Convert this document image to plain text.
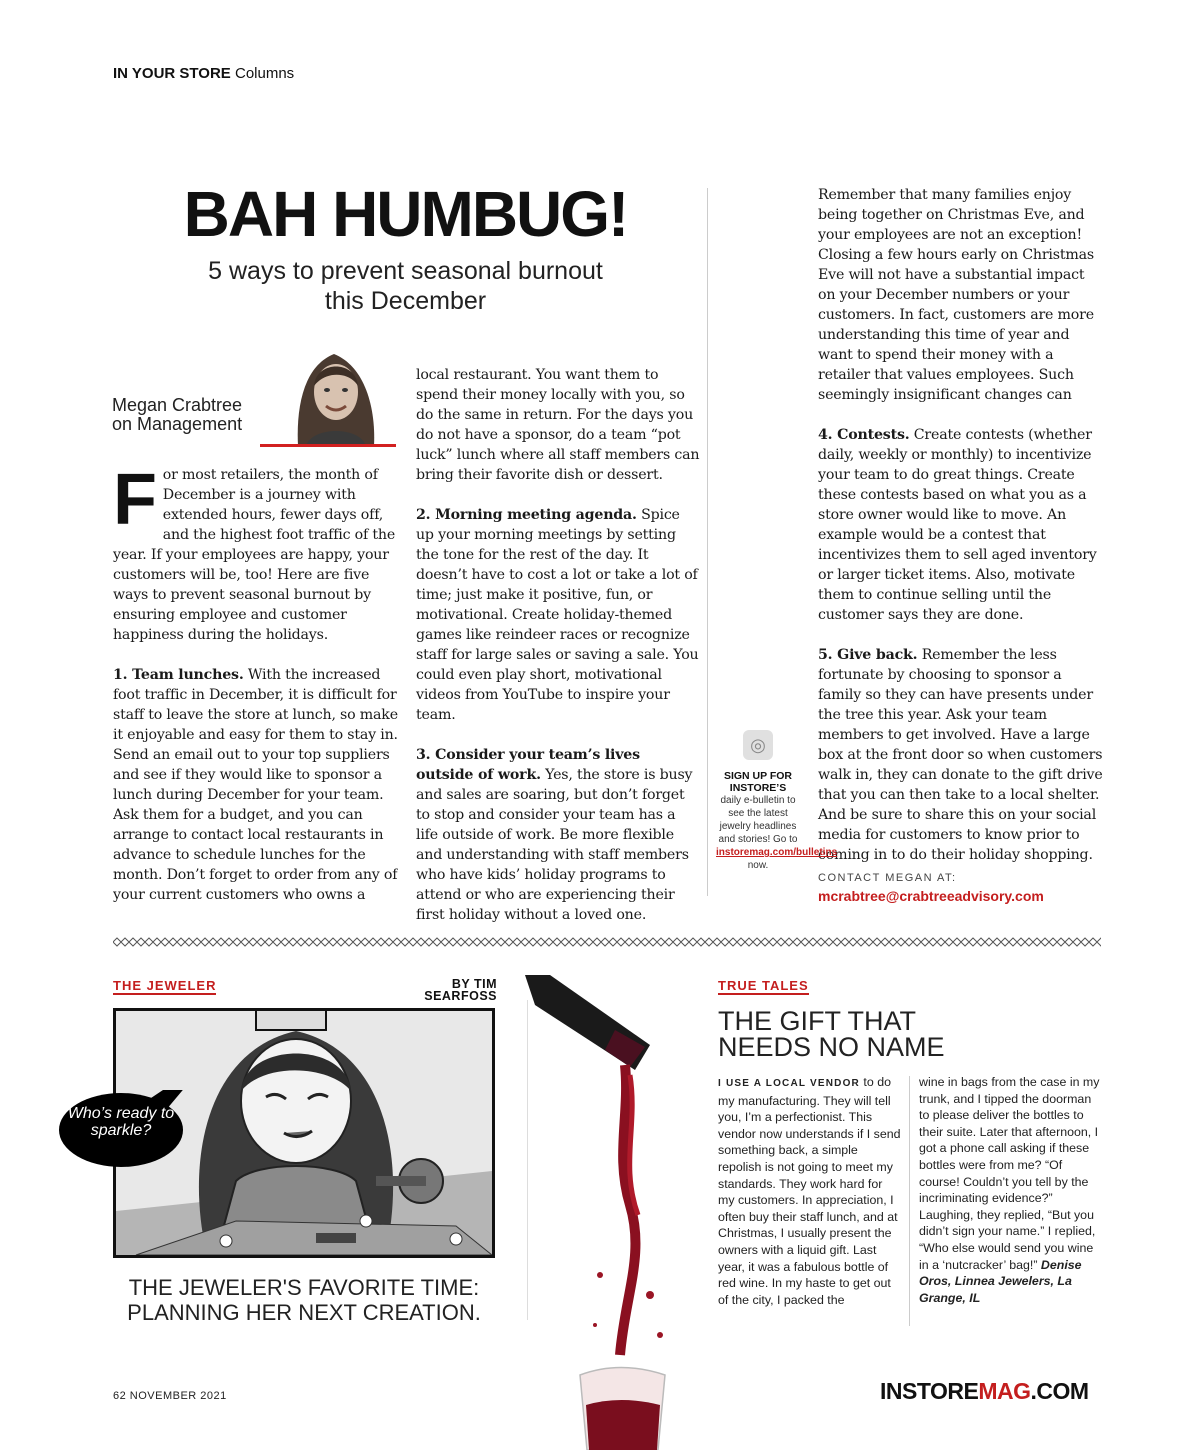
IN YOUR STORE Columns
BAH HUMBUG!
5 ways to prevent seasonal burnout
this December
Megan Crabtree
on Management

For most retailers, the month of December is a journey with extended hours, fewer days off, and the highest foot traffic of the year. If your employees are happy, your customers will be, too! Here are five ways to prevent seasonal burnout by ensuring employee and customer happiness during the holidays.

1. Team lunches. With the increased foot traffic in December, it is difficult for staff to leave the store at lunch, so make it enjoyable and easy for them to stay in. Send an email out to your top suppliers and see if they would like to sponsor a lunch during December for your team. Ask them for a budget, and you can arrange to contact local restaurants in advance to schedule lunches for the month. Don’t forget to order from any of your current customers who owns a

local restaurant. You want them to spend their money locally with you, so do the same in return. For the days you do not have a sponsor, do a team “pot luck” lunch where all staff members can bring their favorite dish or dessert.

2. Morning meeting agenda. Spice up your morning meetings by setting the tone for the rest of the day. It doesn’t have to cost a lot or take a lot of time; just make it positive, fun, or motivational. Create holiday-themed games like reindeer races or recognize staff for large sales or saving a sale. You could even play short, motivational videos from YouTube to inspire your team.

3. Consider your team’s lives outside of work. Yes, the store is busy and sales are soaring, but don’t forget to stop and consider your team has a life outside of work. Be more flexible and understanding with staff members who have kids’ holiday programs to attend or who are experiencing their first holiday without a loved one.

Remember that many families enjoy being together on Christmas Eve, and your employees are not an exception! Closing a few hours early on Christmas Eve will not have a substantial impact on your December numbers or your customers. In fact, customers are more understanding this time of year and want to spend their money with a retailer that values employees. Such seemingly insignificant changes can

4. Contests. Create contests (whether daily, weekly or monthly) to incentivize your team to do great things. Create these contests based on what you as a store owner would like to move. An example would be a contest that incentivizes them to sell aged inventory or larger ticket items. Also, motivate them to continue selling until the customer says they are done.

5. Give back. Remember the less fortunate by choosing to sponsor a family so they can have presents under the tree this year. Ask your team members to get involved. Have a large box at the front door so when customers walk in, they can donate to the gift drive that you can then take to a local shelter. And be sure to share this on your social media for customers to know prior to coming in to do their holiday shopping.

◎
SIGN UP FOR INSTORE’S
daily e-bulletin to see the latest jewelry headlines and stories! Go to
instoremag.com/bulletins
now.
CONTACT MEGAN AT:
mcrabtree@crabtreeadvisory.com
THE JEWELER	BY TIM
SEARFOSS
Who’s ready to sparkle?
THE JEWELER'S FAVORITE TIME:
PLANNING HER NEXT CREATION.
TRUE TALES
THE GIFT THAT
NEEDS NO NAME
I USE A LOCAL VENDOR to do my manufacturing. They will tell you, I’m a perfectionist. This vendor now understands if I send something back, a simple repolish is not going to meet my standards. They work hard for my customers. In appreciation, I often buy their staff lunch, and at Christmas, I usually present the owners with a liquid gift. Last year, it was a fabulous bottle of red wine. In my haste to get out of the city, I packed the
wine in bags from the case in my trunk, and I tipped the doorman to please deliver the bottles to their suite. Later that afternoon, I got a phone call asking if these bottles were from me? “Of course! Couldn’t you tell by the incriminating evidence?” Laughing, they replied, “But you didn’t sign your name.” I replied, “Who else would send you wine in a ‘nutcracker’ bag!” Denise Oros, Linnea Jewelers, La Grange, IL
62 NOVEMBER 2021	INSTOREMAG.COM
